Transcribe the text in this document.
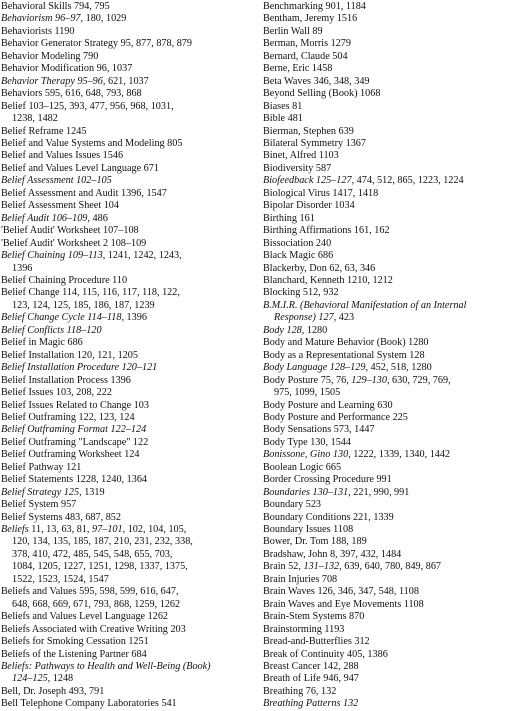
Behavioral Skills 794, 795
Behaviorism 96–97, 180, 1029
Behaviorists 1190
Behavior Generator Strategy 95, 877, 878, 879
Behavior Modeling 790
Behavior Modification 96, 1037
Behavior Therapy 95–96, 621, 1037
Behaviors 595, 616, 648, 793, 868
Belief 103–125, 393, 477, 956, 968, 1031,
1238, 1482
Belief Reframe 1245
Belief and Value Systems and Modeling 805
Belief and Values Issues 1546
Belief and Values Level Language 671
Belief Assessment 102–105
Belief Assessment and Audit 1396, 1547
Belief Assessment Sheet 104
Belief Audit 106–109, 486
'Belief Audit' Worksheet 107–108
'Belief Audit' Worksheet 2 108–109
Belief Chaining 109–113, 1241, 1242, 1243,
1396
Belief Chaining Procedure 110
Belief Change 114, 115, 116, 117, 118, 122,
123, 124, 125, 185, 186, 187, 1239
Belief Change Cycle 114–118, 1396
Belief Conflicts 118–120
Belief in Magic 686
Belief Installation 120, 121, 1205
Belief Installation Procedure 120–121
Belief Installation Process 1396
Belief Issues 103, 208, 222
Belief Issues Related to Change 103
Belief Outframing 122, 123, 124
Belief Outframing Format 122–124
Belief Outframing "Landscape" 122
Belief Outframing Worksheet 124
Belief Pathway 121
Belief Statements 1228, 1240, 1364
Belief Strategy 125, 1319
Belief System 957
Belief Systems 483, 687, 852
Beliefs 11, 13, 63, 81, 97–101, 102, 104, 105,
120, 134, 135, 185, 187, 210, 231, 232, 338,
378, 410, 472, 485, 545, 548, 655, 703,
1084, 1205, 1227, 1251, 1298, 1337, 1375,
1522, 1523, 1524, 1547
Beliefs and Values 595, 598, 599, 616, 647,
648, 668, 669, 671, 793, 868, 1259, 1262
Beliefs and Values Level Language 1262
Beliefs Associated with Creative Writing 203
Beliefs for Smoking Cessation 1251
Beliefs of the Listening Partner 684
Beliefs: Pathways to Health and Well-Being (Book)
124–125, 1248
Bell, Dr. Joseph 493, 791
Bell Telephone Company Laboratories 541
Benchmarking 901, 1184
Bentham, Jeremy 1516
Berlin Wall 89
Berman, Morris 1279
Bernard, Claude 504
Berne, Eric 1458
Beta Waves 346, 348, 349
Beyond Selling (Book) 1068
Biases 81
Bible 481
Bierman, Stephen 639
Bilateral Symmetry 1367
Binet, Alfred 1103
Biodiversity 587
Biofeedback 125–127, 474, 512, 865, 1223, 1224
Biological Virus 1417, 1418
Bipolar Disorder 1034
Birthing 161
Birthing Affirmations 161, 162
Bissociation 240
Black Magic 686
Blackerby, Don 62, 63, 346
Blanchard, Kenneth 1210, 1212
Blocking 512, 932
B.M.I.R. (Behavioral Manifestation of an Internal
Response) 127, 423
Body 128, 1280
Body and Mature Behavior (Book) 1280
Body as a Representational System 128
Body Language 128–129, 452, 518, 1280
Body Posture 75, 76, 129–130, 630, 729, 769,
975, 1099, 1505
Body Posture and Learning 630
Body Posture and Performance 225
Body Sensations 573, 1447
Body Type 130, 1544
Bonissone, Gino 130, 1222, 1339, 1340, 1442
Boolean Logic 665
Border Crossing Procedure 991
Boundaries 130–131, 221, 990, 991
Boundary 523
Boundary Conditions 221, 1339
Boundary Issues 1108
Bower, Dr. Tom 188, 189
Bradshaw, John 8, 397, 432, 1484
Brain 52, 131–132, 639, 640, 780, 849, 867
Brain Injuries 708
Brain Waves 126, 346, 347, 548, 1108
Brain Waves and Eye Movements 1108
Brain-Stem Systems 870
Brainstorming 1193
Bread-and-Butterflies 312
Break of Continuity 405, 1386
Breast Cancer 142, 288
Breath of Life 946, 947
Breathing 76, 132
Breathing Patterns 132
